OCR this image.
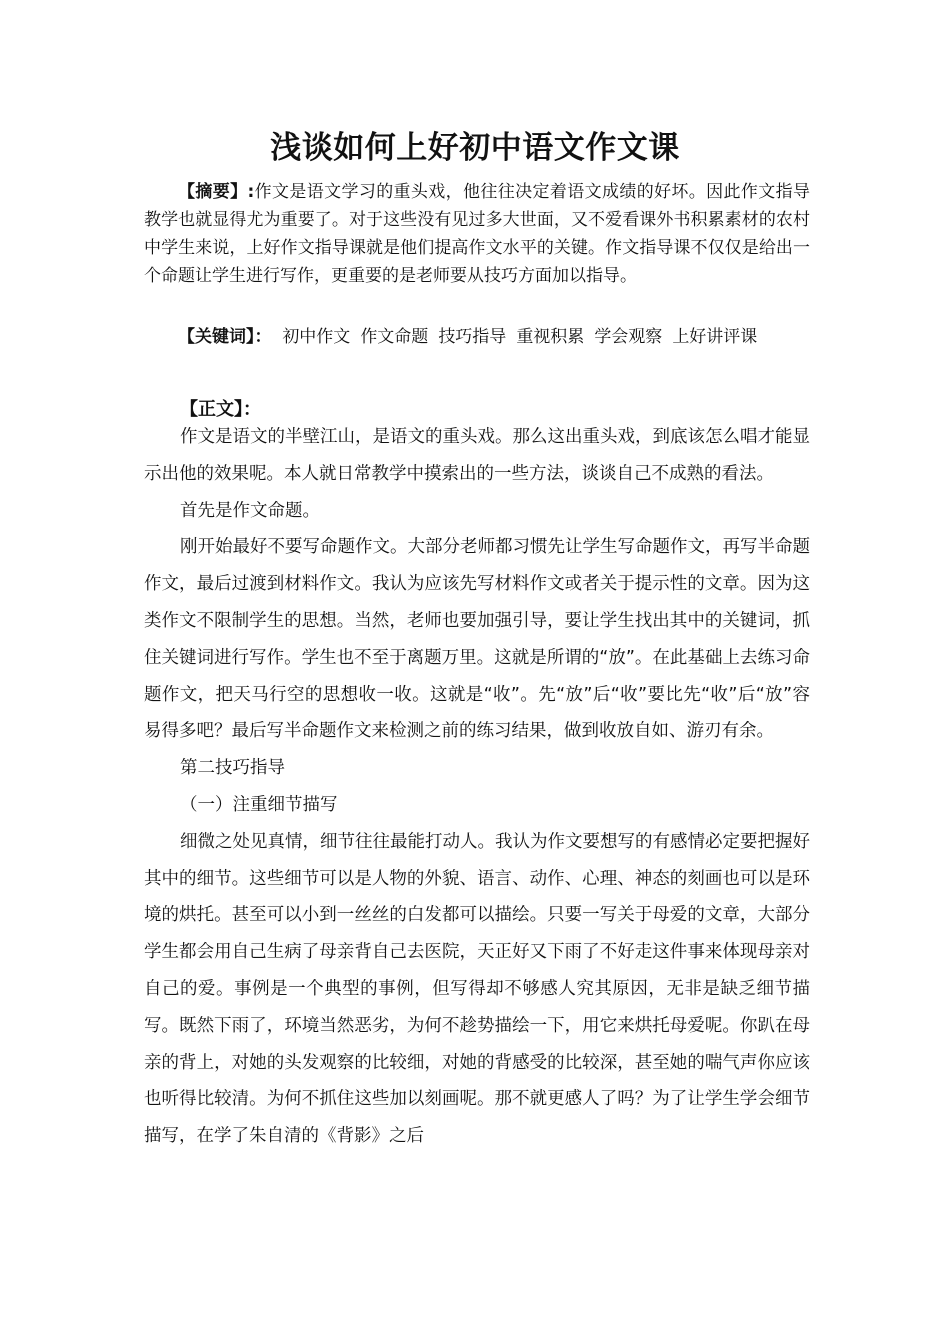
浅谈如何上好初中语文作文课
【摘要】:作文是语文学习的重头戏，他往往决定着语文成绩的好坏。因此作文指导教学也就显得尤为重要了。对于这些没有见过多大世面，又不爱看课外书积累素材的农村中学生来说，上好作文指导课就是他们提高作文水平的关键。作文指导课不仅仅是给出一个命题让学生进行写作，更重要的是老师要从技巧方面加以指导。
【关键词】： 初中作文 作文命题 技巧指导 重视积累 学会观察 上好讲评课
【正文】：

作文是语文的半壁江山，是语文的重头戏。那么这出重头戏，到底该怎么唱才能显示出他的效果呢。本人就日常教学中摸索出的一些方法，谈谈自己不成熟的看法。

首先是作文命题。

刚开始最好不要写命题作文。大部分老师都习惯先让学生写命题作文，再写半命题作文，最后过渡到材料作文。我认为应该先写材料作文或者关于提示性的文章。因为这类作文不限制学生的思想。当然，老师也要加强引导，要让学生找出其中的关键词，抓住关键词进行写作。学生也不至于离题万里。这就是所谓的“放”。在此基础上去练习命题作文，把天马行空的思想收一收。这就是“收”。先“放”后“收”要比先“收”后“放”容易得多吧？最后写半命题作文来检测之前的练习结果，做到收放自如、游刃有余。

第二技巧指导

（一）注重细节描写

细微之处见真情，细节往往最能打动人。我认为作文要想写的有感情必定要把握好其中的细节。这些细节可以是人物的外貌、语言、动作、心理、神态的刻画也可以是环境的烘托。甚至可以小到一丝丝的白发都可以描绘。只要一写关于母爱的文章，大部分学生都会用自己生病了母亲背自己去医院，天正好又下雨了不好走这件事来体现母亲对自己的爱。事例是一个典型的事例，但写得却不够感人究其原因，无非是缺乏细节描写。既然下雨了，环境当然恶劣，为何不趁势描绘一下，用它来烘托母爱呢。你趴在母亲的背上，对她的头发观察的比较细，对她的背感受的比较深，甚至她的喘气声你应该也听得比较清。为何不抓住这些加以刻画呢。那不就更感人了吗？为了让学生学会细节描写，在学了朱自清的《背影》之后
